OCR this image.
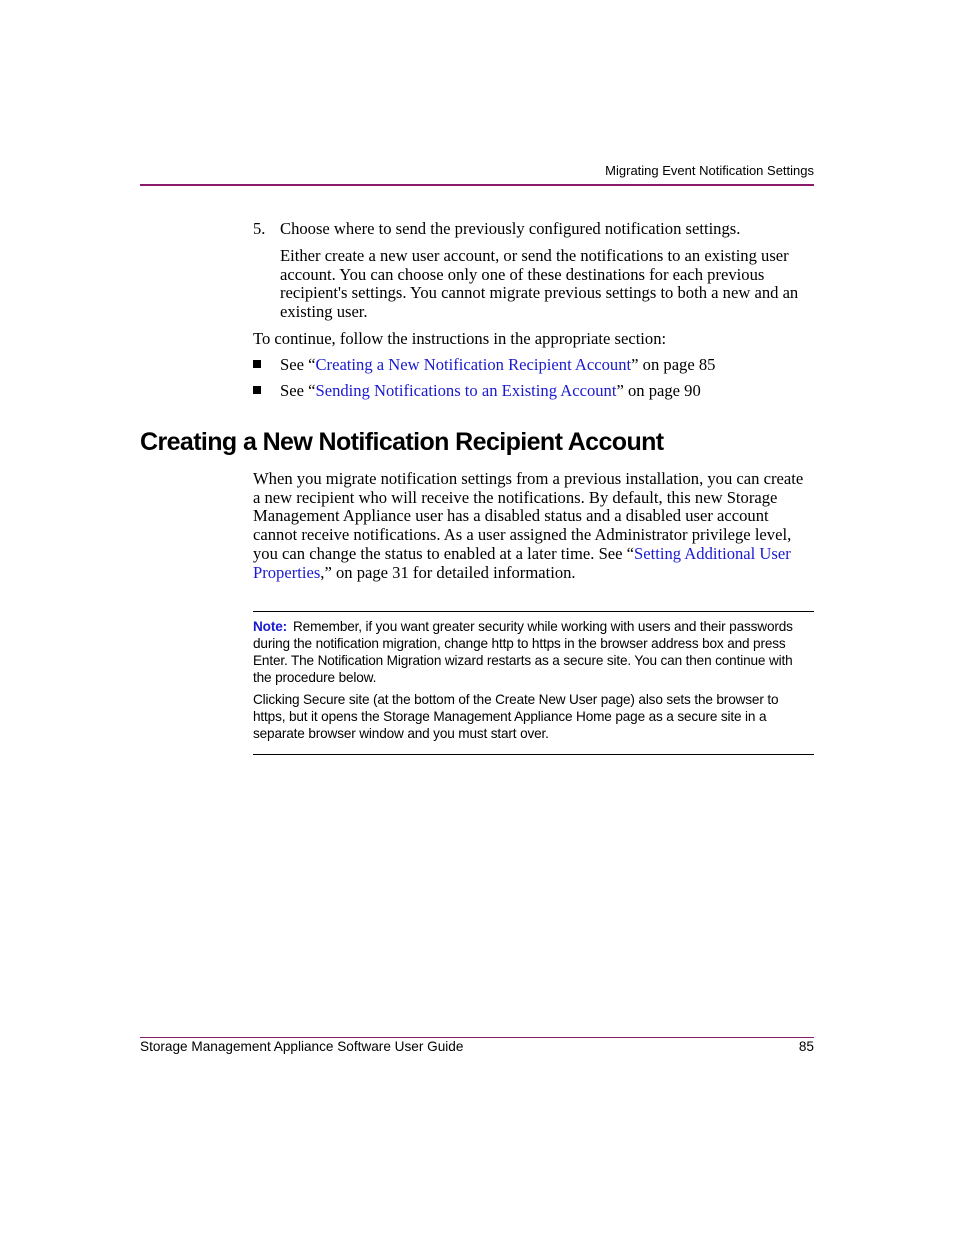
Migrating Event Notification Settings
5. Choose where to send the previously configured notification settings.
Either create a new user account, or send the notifications to an existing user account. You can choose only one of these destinations for each previous recipient's settings. You cannot migrate previous settings to both a new and an existing user.
To continue, follow the instructions in the appropriate section:
See “Creating a New Notification Recipient Account” on page 85
See “Sending Notifications to an Existing Account” on page 90
Creating a New Notification Recipient Account
When you migrate notification settings from a previous installation, you can create a new recipient who will receive the notifications. By default, this new Storage Management Appliance user has a disabled status and a disabled user account cannot receive notifications. As a user assigned the Administrator privilege level, you can change the status to enabled at a later time. See “Setting Additional User Properties,” on page 31 for detailed information.
Note: Remember, if you want greater security while working with users and their passwords during the notification migration, change http to https in the browser address box and press Enter. The Notification Migration wizard restarts as a secure site. You can then continue with the procedure below.
Clicking Secure site (at the bottom of the Create New User page) also sets the browser to https, but it opens the Storage Management Appliance Home page as a secure site in a separate browser window and you must start over.
Storage Management Appliance Software User Guide	85
